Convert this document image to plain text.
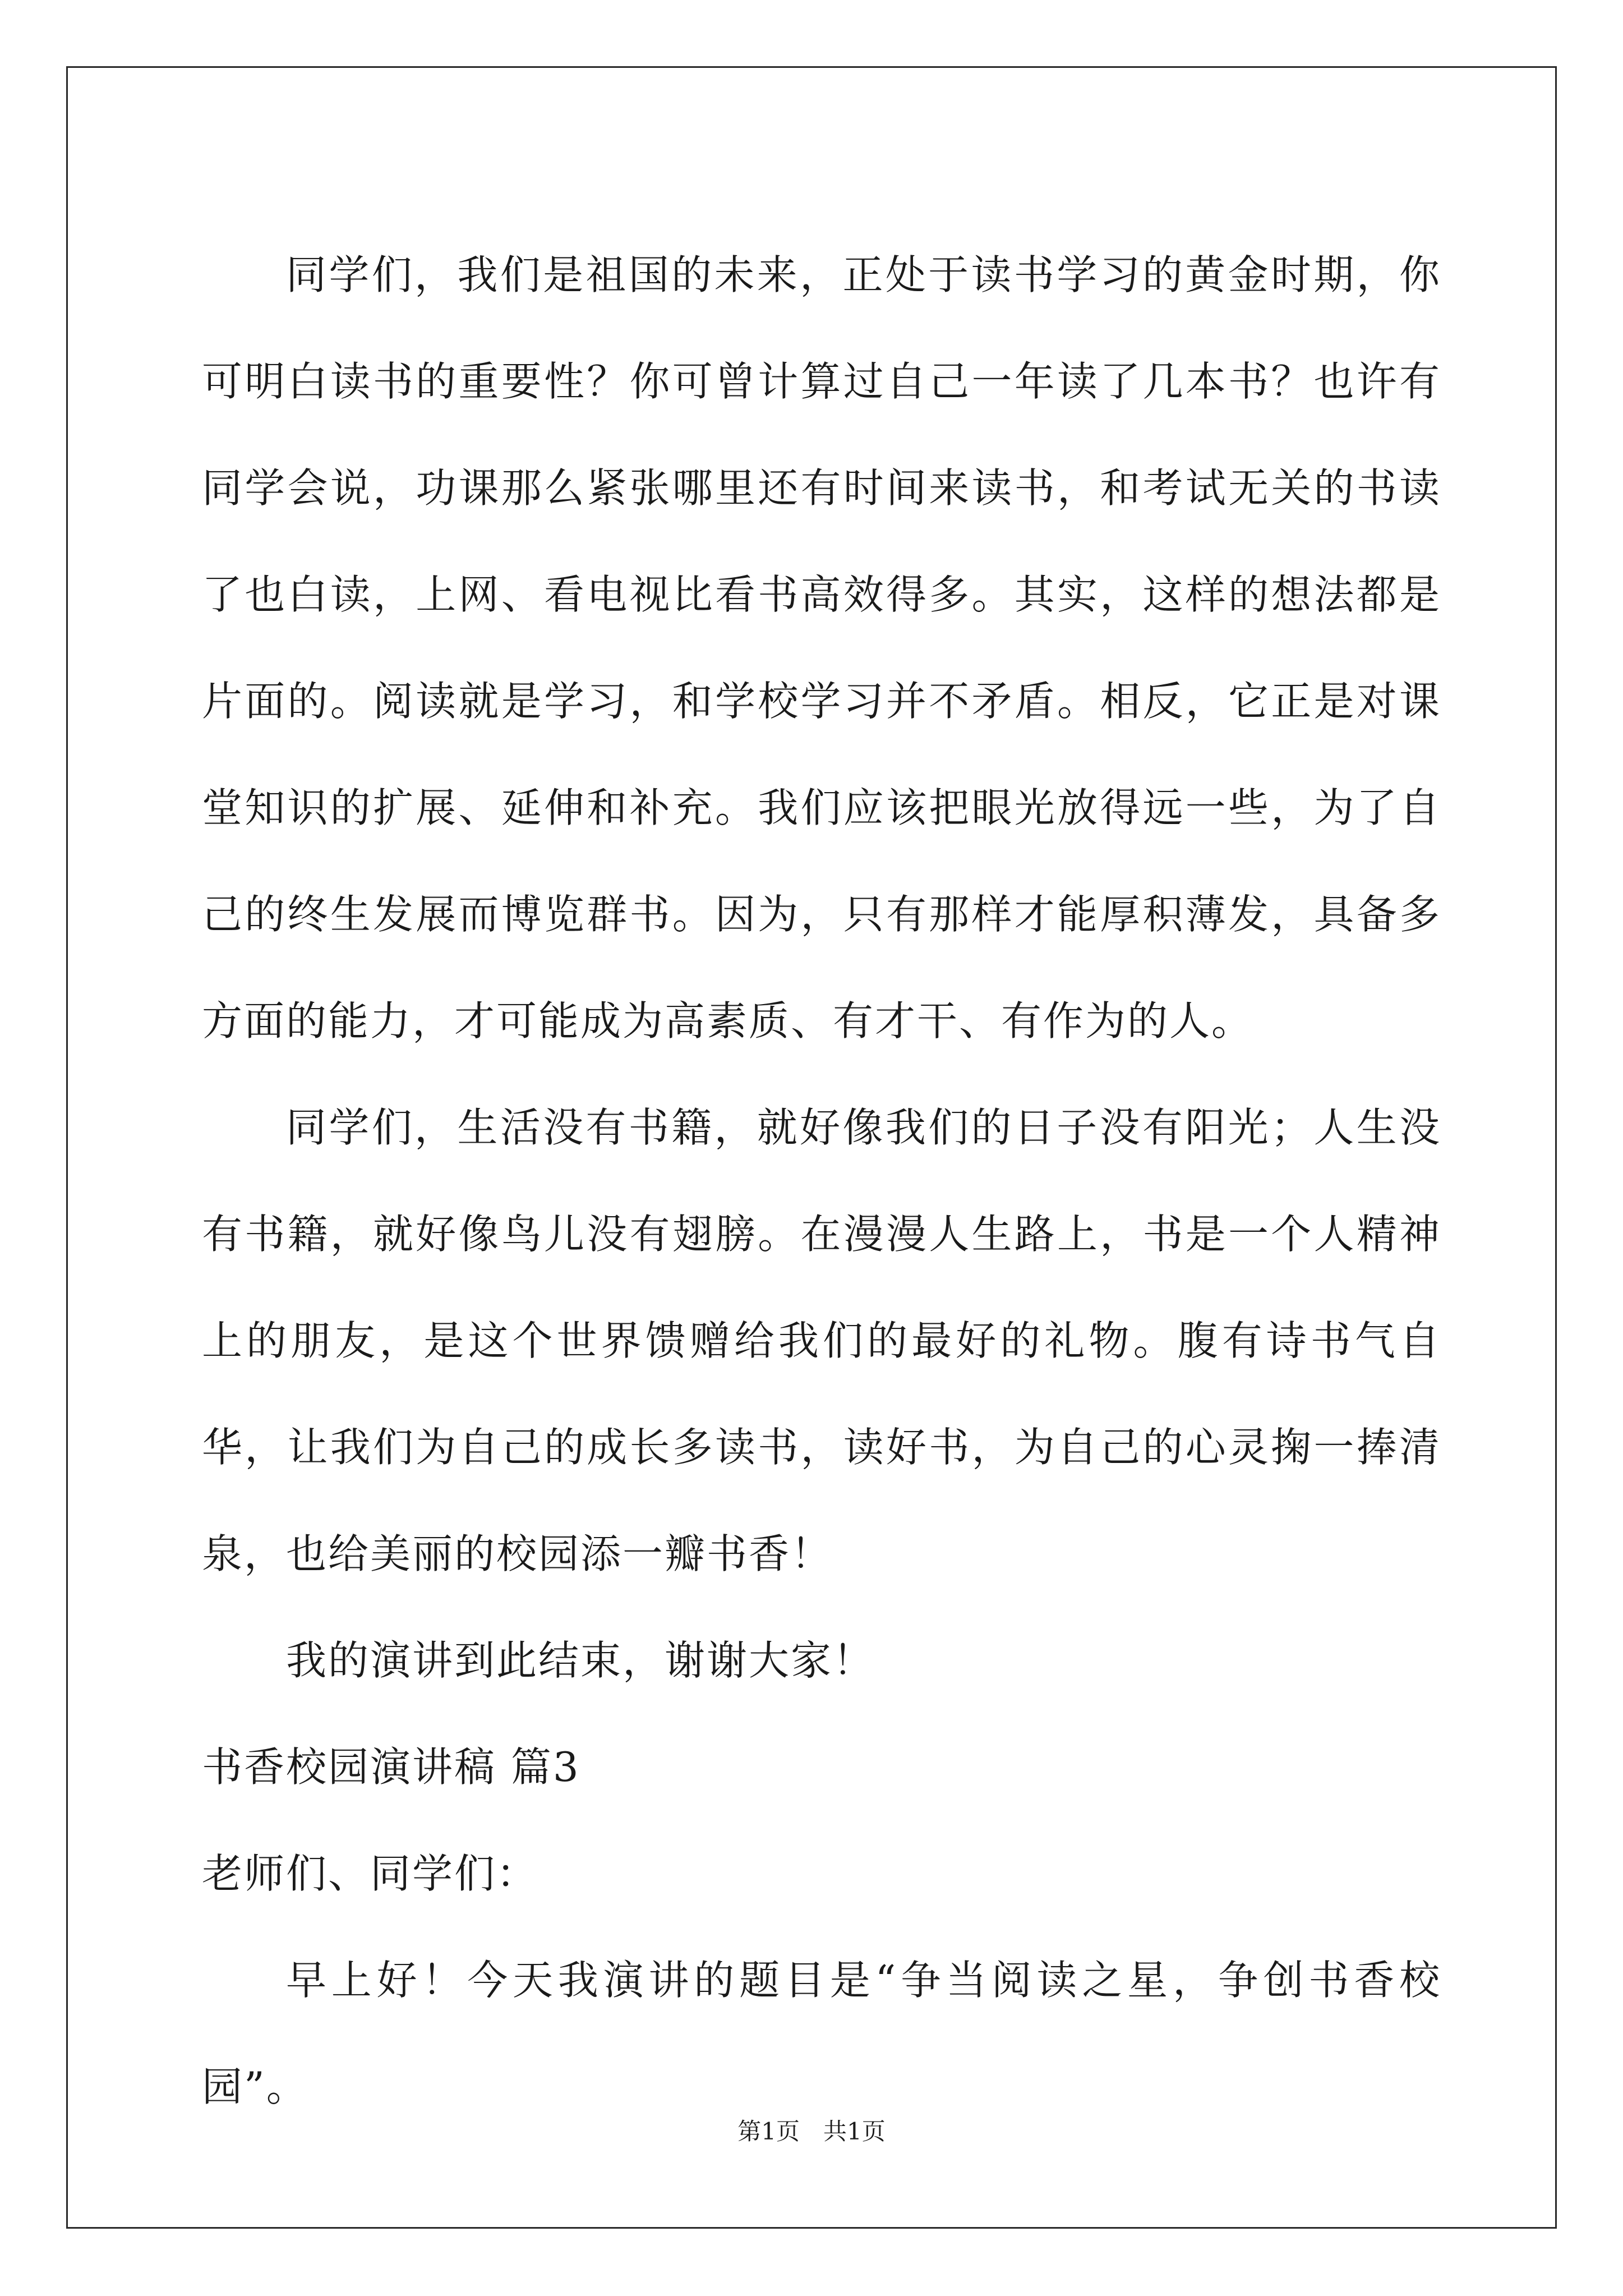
同学们，我们是祖国的未来，正处于读书学习的黄金时期，你可明白读书的重要性？你可曾计算过自己一年读了几本书？也许有同学会说，功课那么紧张哪里还有时间来读书，和考试无关的书读了也白读，上网、看电视比看书高效得多。其实，这样的想法都是片面的。阅读就是学习，和学校学习并不矛盾。相反，它正是对课堂知识的扩展、延伸和补充。我们应该把眼光放得远一些，为了自己的终生发展而博览群书。因为，只有那样才能厚积薄发，具备多方面的能力，才可能成为高素质、有才干、有作为的人。

同学们，生活没有书籍，就好像我们的日子没有阳光；人生没有书籍，就好像鸟儿没有翅膀。在漫漫人生路上，书是一个人精神上的朋友，是这个世界馈赠给我们的最好的礼物。腹有诗书气自华，让我们为自己的成长多读书，读好书，为自己的心灵掬一捧清泉，也给美丽的校园添一瓣书香！

我的演讲到此结束，谢谢大家！

书香校园演讲稿 篇3

老师们、同学们：

早上好！今天我演讲的题目是“争当阅读之星，争创书香校园”。

第1页　共1页
